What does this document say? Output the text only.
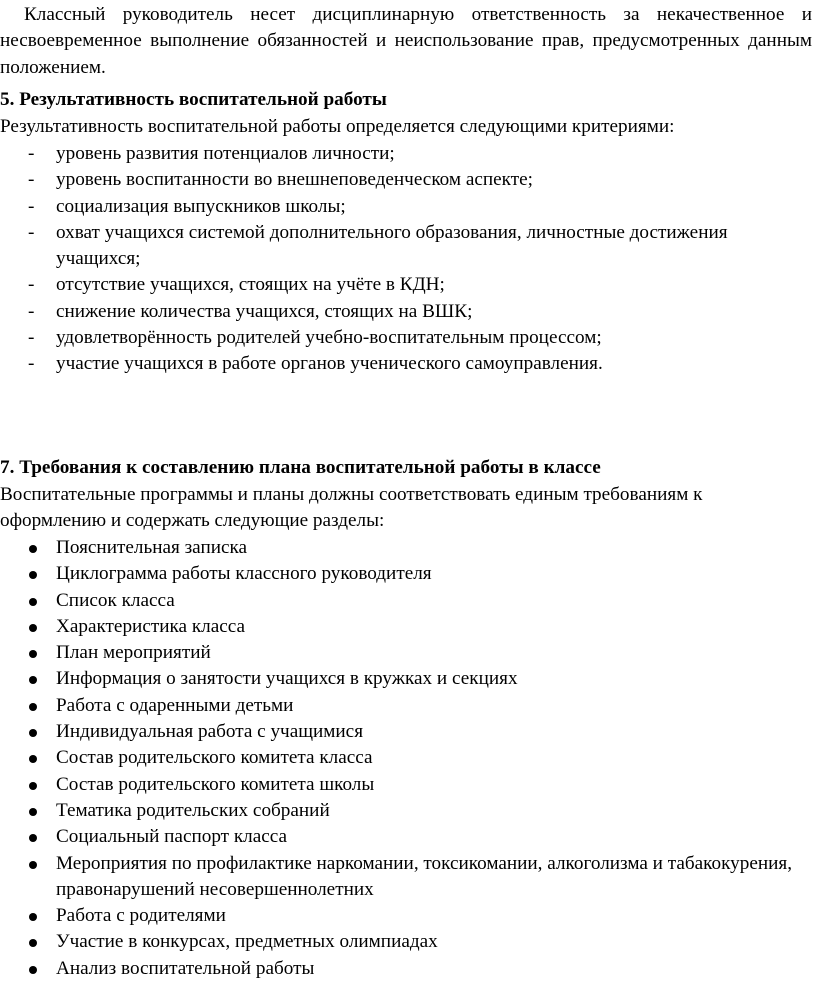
Классный руководитель несет дисциплинарную ответственность за некачественное и несвоевременное выполнение обязанностей и неиспользование прав, предусмотренных данным положением.

5. Результативность воспитательной работы

Результативность воспитательной работы определяется следующими критериями:

- уровень развития потенциалов личности;
- уровень воспитанности во внешнеповеденческом аспекте;
- социализация выпускников школы;
- охват учащихся системой дополнительного образования, личностные достижения учащихся;
- отсутствие учащихся, стоящих на учёте в КДН;
- снижение количества учащихся, стоящих на ВШК;
- удовлетворённость родителей учебно-воспитательным процессом;
- участие учащихся в работе органов ученического самоуправления.

7. Требования к составлению плана воспитательной работы в классе

Воспитательные программы и планы должны соответствовать единым требованиям к оформлению и содержать следующие разделы:

Пояснительная записка
Циклограмма работы классного руководителя
Список класса
Характеристика класса
План мероприятий
Информация о занятости учащихся в кружках и секциях
Работа с одаренными детьми
Индивидуальная работа с учащимися
Состав родительского комитета класса
Состав родительского комитета школы
Тематика родительских собраний
Социальный паспорт класса
Мероприятия по профилактике наркомании, токсикомании, алкоголизма и табакокурения, правонарушений несовершеннолетних
Работа с родителями
Участие в конкурсах, предметных олимпиадах
Анализ воспитательной работы
